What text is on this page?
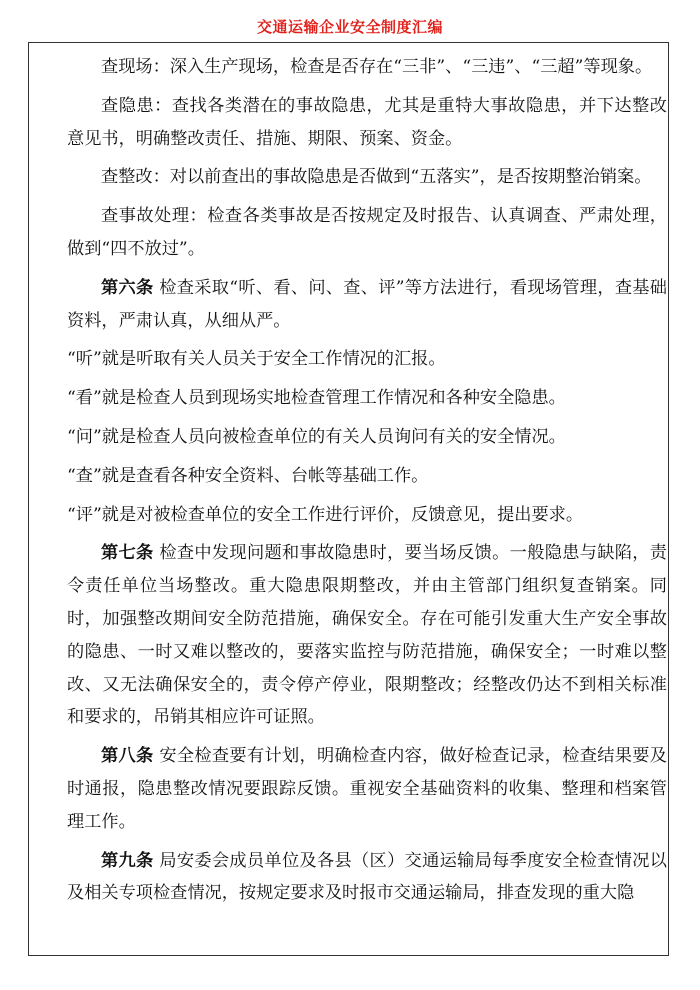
交通运输企业安全制度汇编

查现场：深入生产现场，检查是否存在“三非”、“三违”、“三超”等现象。

查隐患：查找各类潜在的事故隐患，尤其是重特大事故隐患，并下达整改意见书，明确整改责任、措施、期限、预案、资金。

查整改：对以前查出的事故隐患是否做到“五落实”，是否按期整治销案。

查事故处理：检查各类事故是否按规定及时报告、认真调查、严肃处理，做到“四不放过”。

第六条 检查采取“听、看、问、查、评”等方法进行，看现场管理，查基础资料，严肃认真，从细从严。

“听”就是听取有关人员关于安全工作情况的汇报。

“看”就是检查人员到现场实地检查管理工作情况和各种安全隐患。

“问”就是检查人员向被检查单位的有关人员询问有关的安全情况。

“查”就是查看各种安全资料、台帐等基础工作。

“评”就是对被检查单位的安全工作进行评价，反馈意见，提出要求。

第七条 检查中发现问题和事故隐患时，要当场反馈。一般隐患与缺陷，责令责任单位当场整改。重大隐患限期整改，并由主管部门组织复查销案。同时，加强整改期间安全防范措施，确保安全。存在可能引发重大生产安全事故的隐患、一时又难以整改的，要落实监控与防范措施，确保安全；一时难以整改、又无法确保安全的，责令停产停业，限期整改；经整改仍达不到相关标准和要求的，吊销其相应许可证照。

第八条 安全检查要有计划，明确检查内容，做好检查记录，检查结果要及时通报，隐患整改情况要跟踪反馈。重视安全基础资料的收集、整理和档案管理工作。

第九条 局安委会成员单位及各县（区）交通运输局每季度安全检查情况以及相关专项检查情况，按规定要求及时报市交通运输局，排查发现的重大隐
